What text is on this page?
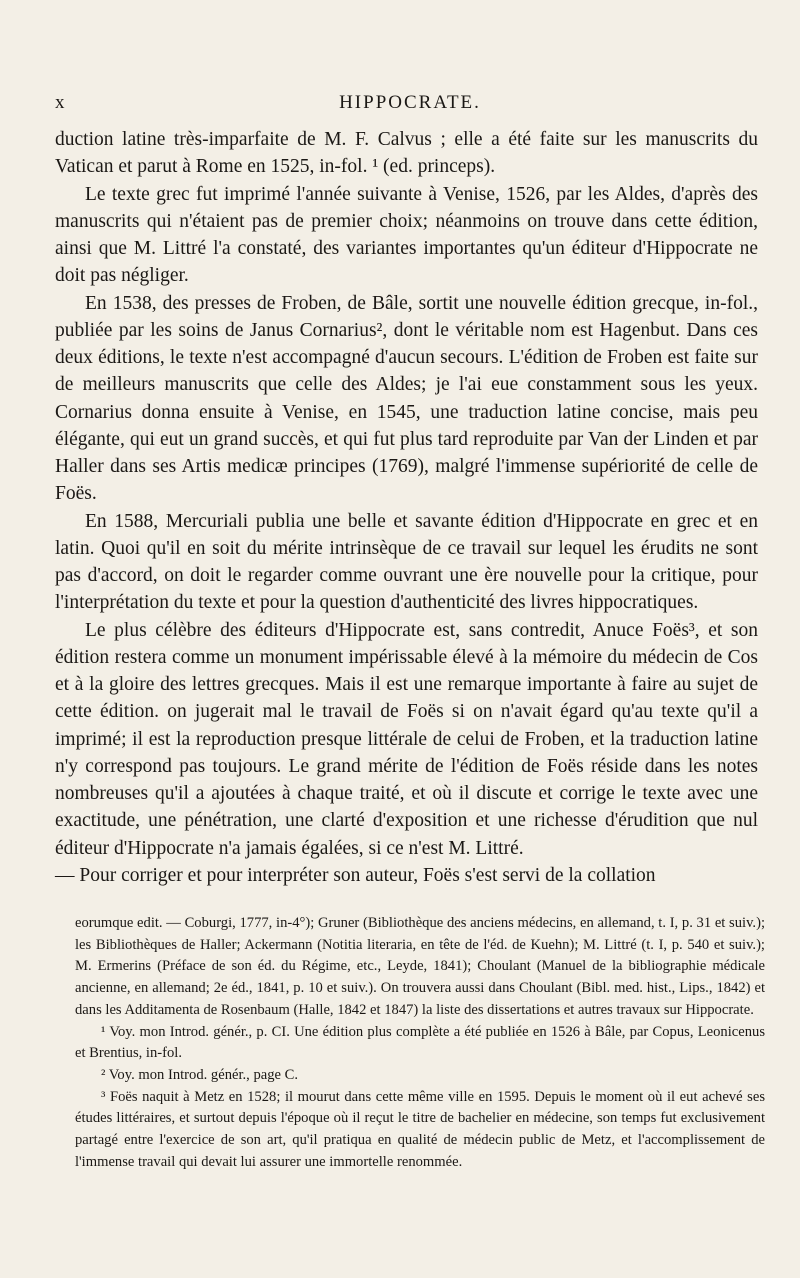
x	HIPPOCRATE.

duction latine très-imparfaite de M. F. Calvus ; elle a été faite sur les manuscrits du Vatican et parut à Rome en 1525, in-fol. ¹ (ed. princeps).

Le texte grec fut imprimé l'année suivante à Venise, 1526, par les Aldes, d'après des manuscrits qui n'étaient pas de premier choix; néanmoins on trouve dans cette édition, ainsi que M. Littré l'a constaté, des variantes importantes qu'un éditeur d'Hippocrate ne doit pas négliger.

En 1538, des presses de Froben, de Bâle, sortit une nouvelle édition grecque, in-fol., publiée par les soins de Janus Cornarius², dont le véritable nom est Hagenbut. Dans ces deux éditions, le texte n'est accompagné d'aucun secours. L'édition de Froben est faite sur de meilleurs manuscrits que celle des Aldes; je l'ai eue constamment sous les yeux. Cornarius donna ensuite à Venise, en 1545, une traduction latine concise, mais peu élégante, qui eut un grand succès, et qui fut plus tard reproduite par Van der Linden et par Haller dans ses Artis medicæ principes (1769), malgré l'immense supériorité de celle de Foës.

En 1588, Mercuriali publia une belle et savante édition d'Hippocrate en grec et en latin. Quoi qu'il en soit du mérite intrinsèque de ce travail sur lequel les érudits ne sont pas d'accord, on doit le regarder comme ouvrant une ère nouvelle pour la critique, pour l'interprétation du texte et pour la question d'authenticité des livres hippocratiques.

Le plus célèbre des éditeurs d'Hippocrate est, sans contredit, Anuce Foës³, et son édition restera comme un monument impérissable élevé à la mémoire du médecin de Cos et à la gloire des lettres grecques. Mais il est une remarque importante à faire au sujet de cette édition. on jugerait mal le travail de Foës si on n'avait égard qu'au texte qu'il a imprimé; il est la reproduction presque littérale de celui de Froben, et la traduction latine n'y correspond pas toujours. Le grand mérite de l'édition de Foës réside dans les notes nombreuses qu'il a ajoutées à chaque traité, et où il discute et corrige le texte avec une exactitude, une pénétration, une clarté d'exposition et une richesse d'érudition que nul éditeur d'Hippocrate n'a jamais égalées, si ce n'est M. Littré.

— Pour corriger et pour interpréter son auteur, Foës s'est servi de la collation

eorumque edit. — Coburgi, 1777, in-4°); Gruner (Bibliothèque des anciens médecins, en allemand, t. I, p. 31 et suiv.); les Bibliothèques de Haller; Ackermann (Notitia literaria, en tête de l'éd. de Kuehn); M. Littré (t. I, p. 540 et suiv.); M. Ermerins (Préface de son éd. du Régime, etc., Leyde, 1841); Choulant (Manuel de la bibliographie médicale ancienne, en allemand; 2e éd., 1841, p. 10 et suiv.). On trouvera aussi dans Choulant (Bibl. med. hist., Lips., 1842) et dans les Additamenta de Rosenbaum (Halle, 1842 et 1847) la liste des dissertations et autres travaux sur Hippocrate.

¹ Voy. mon Introd. génér., p. CI. Une édition plus complète a été publiée en 1526 à Bâle, par Copus, Leonicenus et Brentius, in-fol.

² Voy. mon Introd. génér., page C.

³ Foës naquit à Metz en 1528; il mourut dans cette même ville en 1595. Depuis le moment où il eut achevé ses études littéraires, et surtout depuis l'époque où il reçut le titre de bachelier en médecine, son temps fut exclusivement partagé entre l'exercice de son art, qu'il pratiqua en qualité de médecin public de Metz, et l'accomplissement de l'immense travail qui devait lui assurer une immortelle renommée.
